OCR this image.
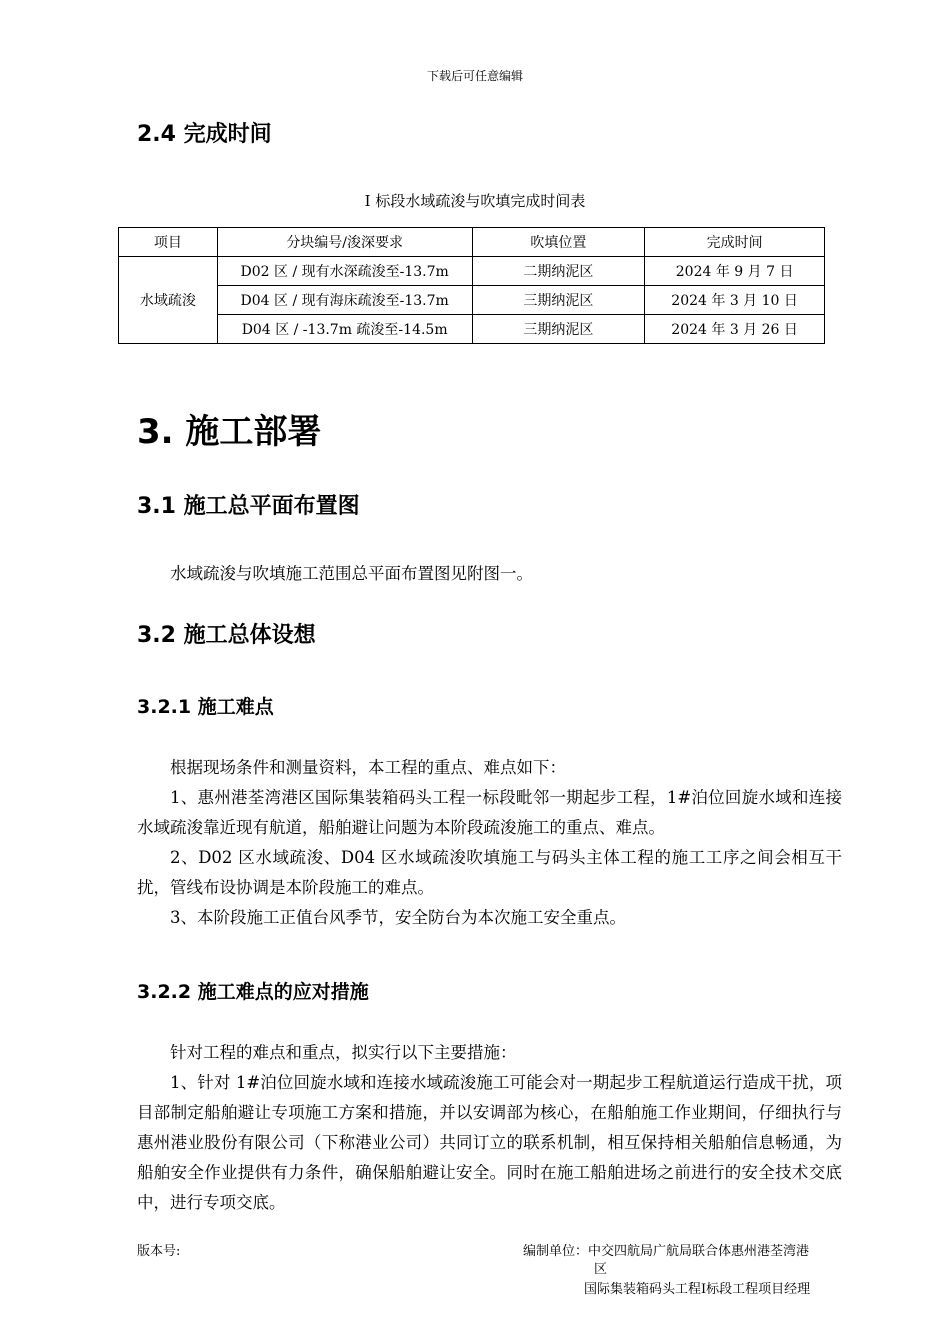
下载后可任意编辑
2.4 完成时间
Ⅰ 标段水域疏浚与吹填完成时间表
项目	分块编号/浚深要求	吹填位置	完成时间
水域疏浚	D02 区 / 现有水深疏浚至-13.7m	二期纳泥区	2024 年 9 月 7 日
	D04 区 / 现有海床疏浚至-13.7m	三期纳泥区	2024 年 3 月 10 日
	D04 区 / -13.7m 疏浚至-14.5m	三期纳泥区	2024 年 3 月 26 日
3. 施工部署
3.1 施工总平面布置图
水域疏浚与吹填施工范围总平面布置图见附图一。
3.2 施工总体设想
3.2.1 施工难点
根据现场条件和测量资料，本工程的重点、难点如下：
1、惠州港荃湾港区国际集装箱码头工程一标段毗邻一期起步工程，1#泊位回旋水域和连接水域疏浚靠近现有航道，船舶避让问题为本阶段疏浚施工的重点、难点。
2、D02 区水域疏浚、D04 区水域疏浚吹填施工与码头主体工程的施工工序之间会相互干扰，管线布设协调是本阶段施工的难点。
3、本阶段施工正值台风季节，安全防台为本次施工安全重点。
3.2.2 施工难点的应对措施
针对工程的难点和重点，拟实行以下主要措施：
1、针对 1#泊位回旋水域和连接水域疏浚施工可能会对一期起步工程航道运行造成干扰，项目部制定船舶避让专项施工方案和措施，并以安调部为核心，在船舶施工作业期间，仔细执行与惠州港业股份有限公司（下称港业公司）共同订立的联系机制，相互保持相关船舶信息畅通，为船舶安全作业提供有力条件，确保船舶避让安全。同时在施工船舶进场之前进行的安全技术交底中，进行专项交底。
版本号:	编制单位：中交四航局广航局联合体惠州港荃湾港
区
国际集装箱码头工程Ⅰ标段工程项目经理
